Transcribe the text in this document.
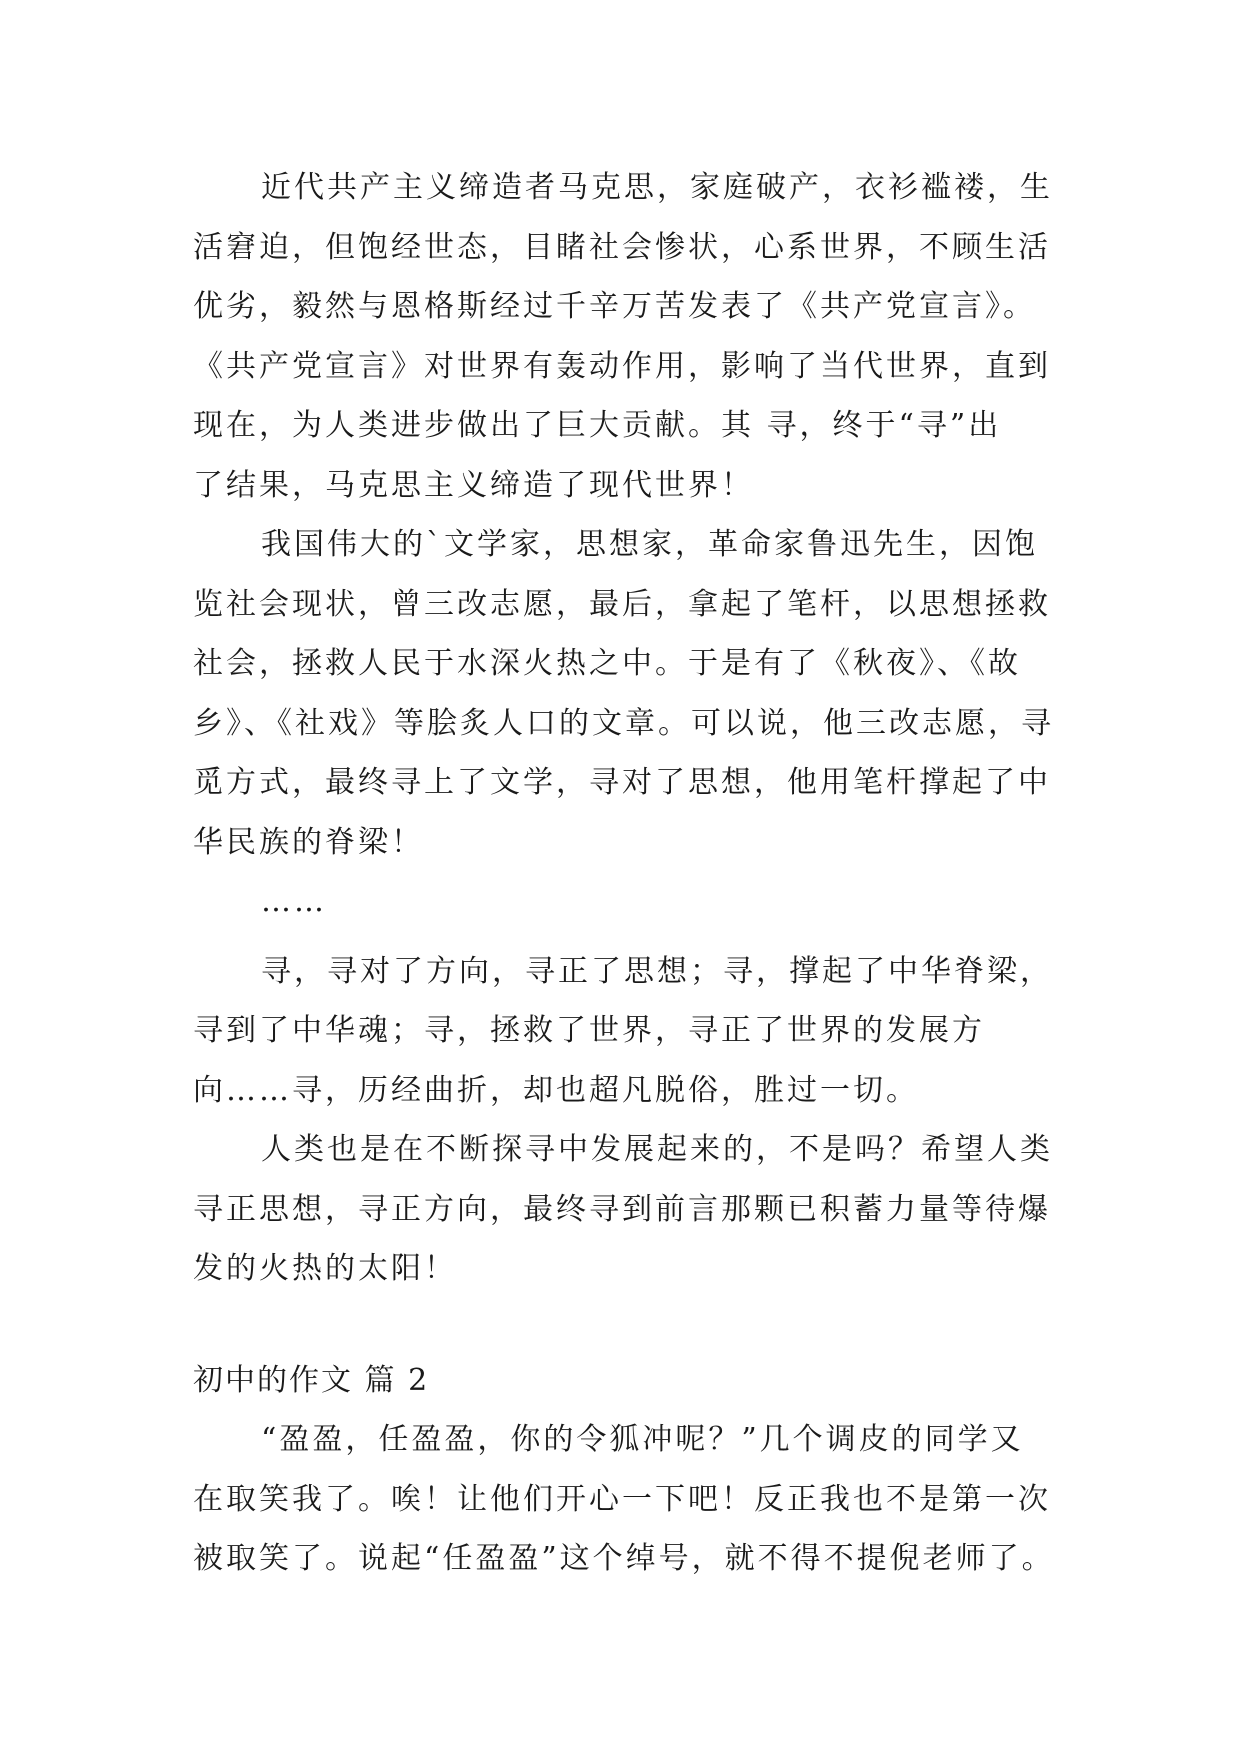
近代共产主义缔造者马克思，家庭破产，衣衫褴褛，生
活窘迫，但饱经世态，目睹社会惨状，心系世界，不顾生活
优劣，毅然与恩格斯经过千辛万苦发表了《共产党宣言》。
《共产党宣言》对世界有轰动作用，影响了当代世界，直到
现在，为人类进步做出了巨大贡献。其 寻，终于“寻”出
了结果，马克思主义缔造了现代世界！
我国伟大的`文学家，思想家，革命家鲁迅先生，因饱
览社会现状，曾三改志愿，最后，拿起了笔杆，以思想拯救
社会，拯救人民于水深火热之中。于是有了《秋夜》、《故
乡》、《社戏》等脍炙人口的文章。可以说，他三改志愿，寻
觅方式，最终寻上了文学，寻对了思想，他用笔杆撑起了中
华民族的脊梁！
……
寻，寻对了方向，寻正了思想；寻，撑起了中华脊梁，
寻到了中华魂；寻，拯救了世界，寻正了世界的发展方
向……寻，历经曲折，却也超凡脱俗，胜过一切。
人类也是在不断探寻中发展起来的，不是吗？希望人类
寻正思想，寻正方向，最终寻到前言那颗已积蓄力量等待爆
发的火热的太阳！
初中的作文 篇 2
“盈盈，任盈盈，你的令狐冲呢？”几个调皮的同学又
在取笑我了。唉！让他们开心一下吧！反正我也不是第一次
被取笑了。说起“任盈盈”这个绰号，就不得不提倪老师了。
